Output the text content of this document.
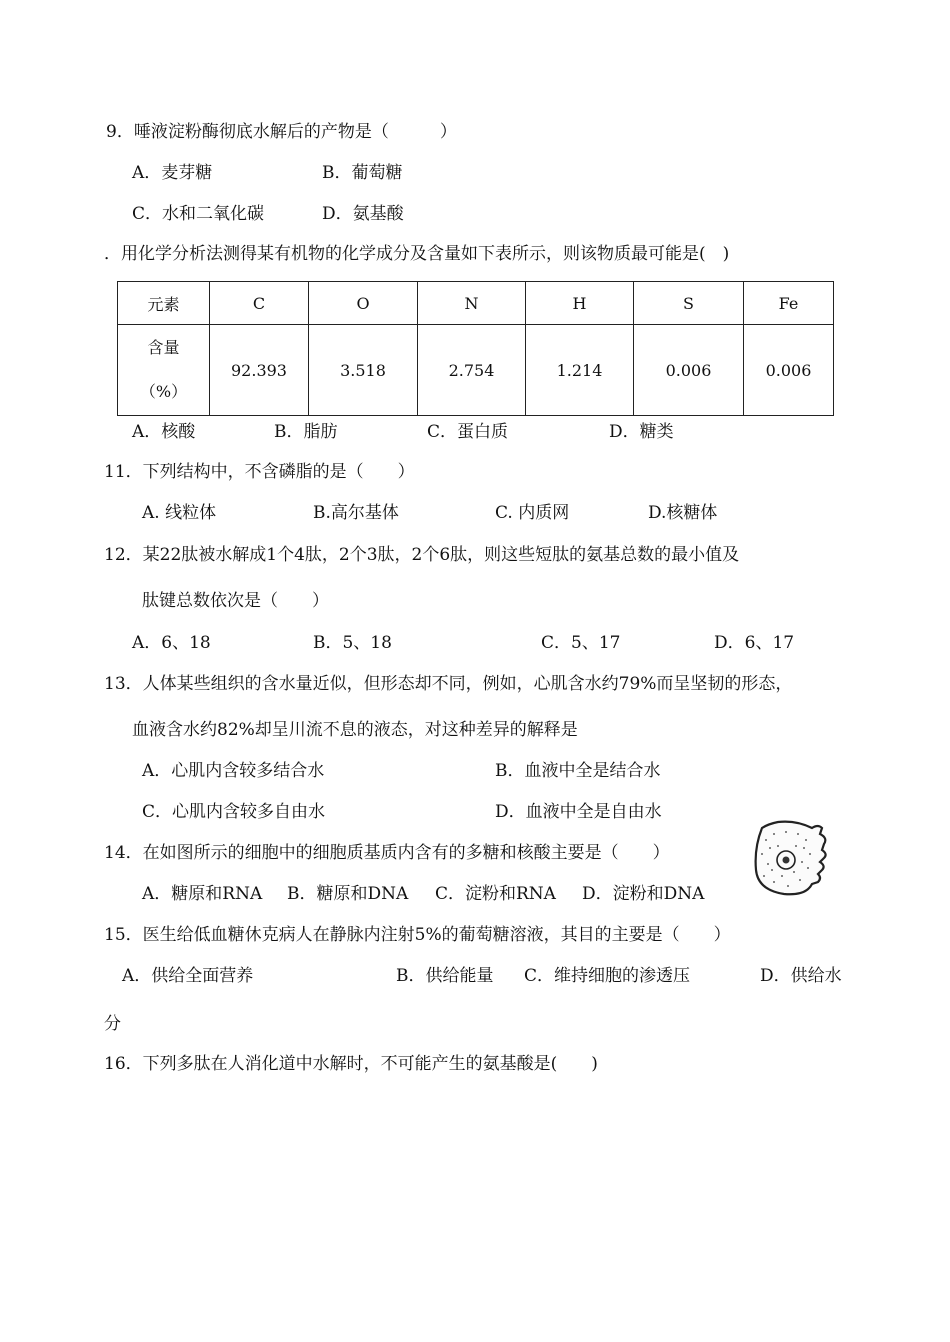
9．唾液淀粉酶彻底水解后的产物是（　　　）
A．麦芽糖	B．葡萄糖
C．水和二氧化碳	D．氨基酸
．用化学分析法测得某有机物的化学成分及含量如下表所示，则该物质最可能是(　)
元素	C	O	N	H	S	Fe

含量
（%）	92.393	3.518	2.754	1.214	0.006	0.006
A．核酸	B．脂肪	C．蛋白质	D．糖类
11．下列结构中，不含磷脂的是（　　）
A. 线粒体	B.高尔基体	C. 内质网	D.核糖体
12．某22肽被水解成1个4肽，2个3肽，2个6肽，则这些短肽的氨基总数的最小值及
肽键总数依次是（　　）
A．6、18	B．5、18	C．5、17	D．6、17
13．人体某些组织的含水量近似，但形态却不同，例如，心肌含水约79%而呈坚韧的形态，
血液含水约82%却呈川流不息的液态，对这种差异的解释是
A．心肌内含较多结合水	B．血液中全是结合水
C．心肌内含较多自由水	D．血液中全是自由水
14．在如图所示的细胞中的细胞质基质内含有的多糖和核酸主要是（　　）
A．糖原和RNA B．糖原和DNA C．淀粉和RNA D．淀粉和DNA
15．医生给低血糖休克病人在静脉内注射5%的葡萄糖溶液，其目的主要是（　　）
A．供给全面营养	B．供给能量 C．维持细胞的渗透压	D．供给水
分
16．下列多肽在人消化道中水解时，不可能产生的氨基酸是(　　)
